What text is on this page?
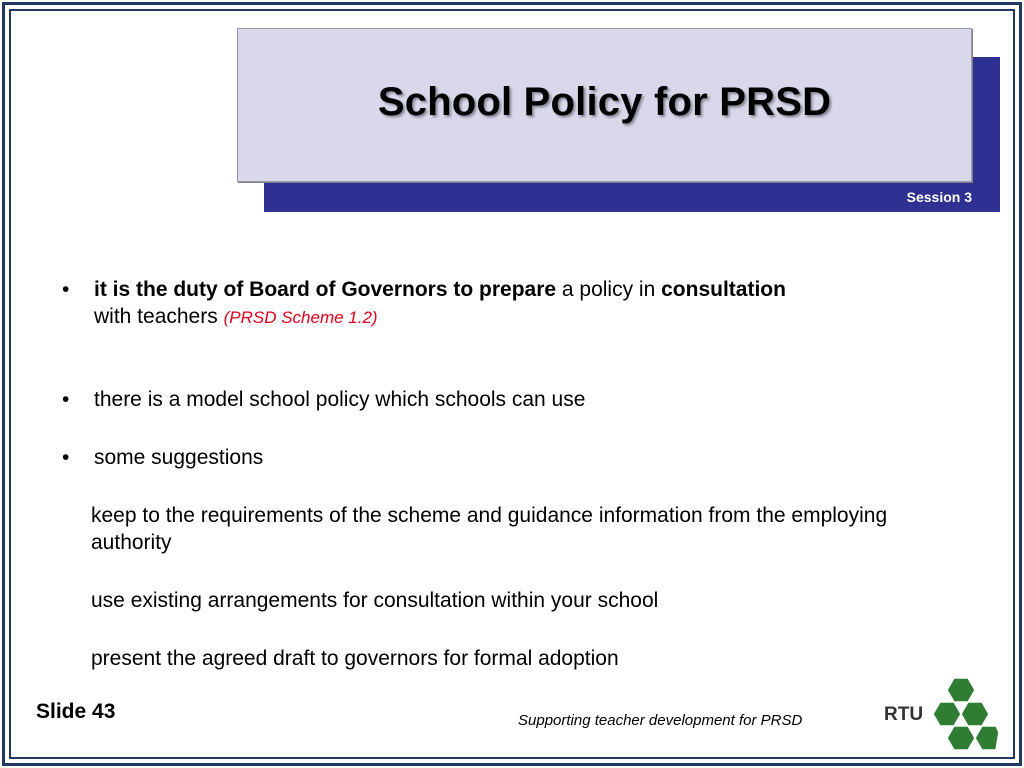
School Policy for PRSD
Session 3
• it is the duty of Board of Governors to prepare a policy in consultation
with teachers (PRSD Scheme 1.2)
• there is a model school policy which schools can use
• some suggestions
keep to the requirements of the scheme and guidance information from the employing authority
use existing arrangements for consultation within your school
present the agreed draft to governors for formal adoption
Slide 43	Supporting teacher development for PRSD	RTU
